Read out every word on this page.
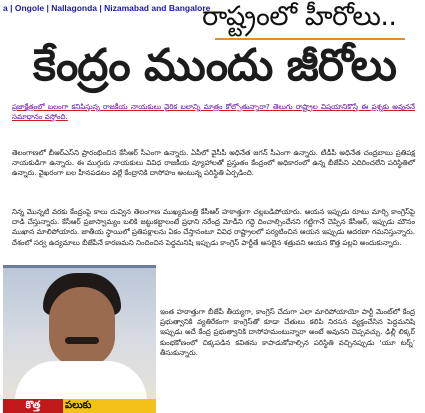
a | Ongole | Nallagonda | Nizamabad and Bangalore
రాష్ట్రంలో హీరోలు..
కేంద్రం ముందు జీరోలు

ప్రజాక్షేత్రంలో బలంగా కనిపిస్తున్న రాజకీయ నాయకులు వైరిక బలాన్ని మాత్రం కోల్పోతున్నారా? తెలుగు రాష్ట్రాల విషయానికొస్తే ఈ ప్రశ్నకు అవుననే సమాధానం వస్తోంది.

తెలంగాణలో బీఆర్ఎస్‌ని ప్రారంభించిన కేసీఆర్ సీఎంగా ఉన్నారు. ఏపీలో వైసీపీ అధినేత జగన్ సీఎంగా ఉన్నారు. టీడీపీ అధినేత చంద్రబాబు ప్రతిపక్ష నాయకుడిగా ఉన్నారు. ఈ ముగ్గురు నాయకులు వివిధ రాజకీయ వ్యూహాలతో ప్రస్తుతం కేంద్రంలో అధికారంలో ఉన్న బీజేపీని ఎదిరించలేని పరిస్థితిలో ఉన్నారు. వైఖరంగా బల హీనపడటం వల్లే కేంద్రానికి దాసోహం అంటున్న పరిస్థితి ఏర్పడింది.

నిన్న మొన్నటి వరకు కేంద్రంపై కాలు దువ్విన తెలంగాణ ముఖ్యమంత్రి కేసీఆర్ హఠాత్తుగా చల్లబడిపోయారు. ఆయన ఇప్పుడు రూటు మార్చి కాంగ్రెస్‌పై దాడి చేస్తున్నారు. కేసీఆర్ ప్రజాస్వామ్యం బలికి జట్టుకట్టాలంటే ప్రధాని నరేంద్ర మోడీని గద్దె దించాల్సిందేనని గట్టిగానే చెప్పిన కేసీఆర్, ఇప్పుడు మౌనం ముఖాన మాలిపోయారు. జాతీయ స్థాయిలో ప్రతిపక్షాలను ఏకం చేస్తానంటూ వివిధ రాష్ట్రాలలో పర్యటించిన ఆయన ఇప్పుడు ఆదరణా గమనిస్తున్నారు. దేశంలో సర్వ ఉద్యమాలు బీజేపీనే కారణమని నిందించిన పెద్దమనిషి ఇప్పుడు కాంగ్రెస్ పార్టీతే అసలైన శత్రువని ఆయన కొత్త పల్లవి అందుకున్నారు.

ఇంత హఠాత్తుగా బీజేపీ తీయ్యగా, కాంగ్రెస్ చేదుగా ఎలా మారిపోయాయో పార్టీ మెంట్‌లో కేంద్ర ప్రభుత్వానికి వ్యతిరేకంగా కాంగ్రెస్‌తో కూడా చేతులు కలిపి నిరసన వ్యక్తంచేసిన పెద్దమనిషి ఇప్పుడు అదే కేంద్ర ప్రభుత్వానికి దాసోహమంటున్నారా అంటే అవునని చెప్పవచ్చు. ఢిల్లీ లిక్కర్ కుంభకోణంలో చిక్కపడిన కవితను కాపాడుకోవాల్సిన పరిస్థితి వచ్చినప్పుడు ‘యూ టర్న్’ తీసుకున్నారు.

కొత్త	పలుకు
